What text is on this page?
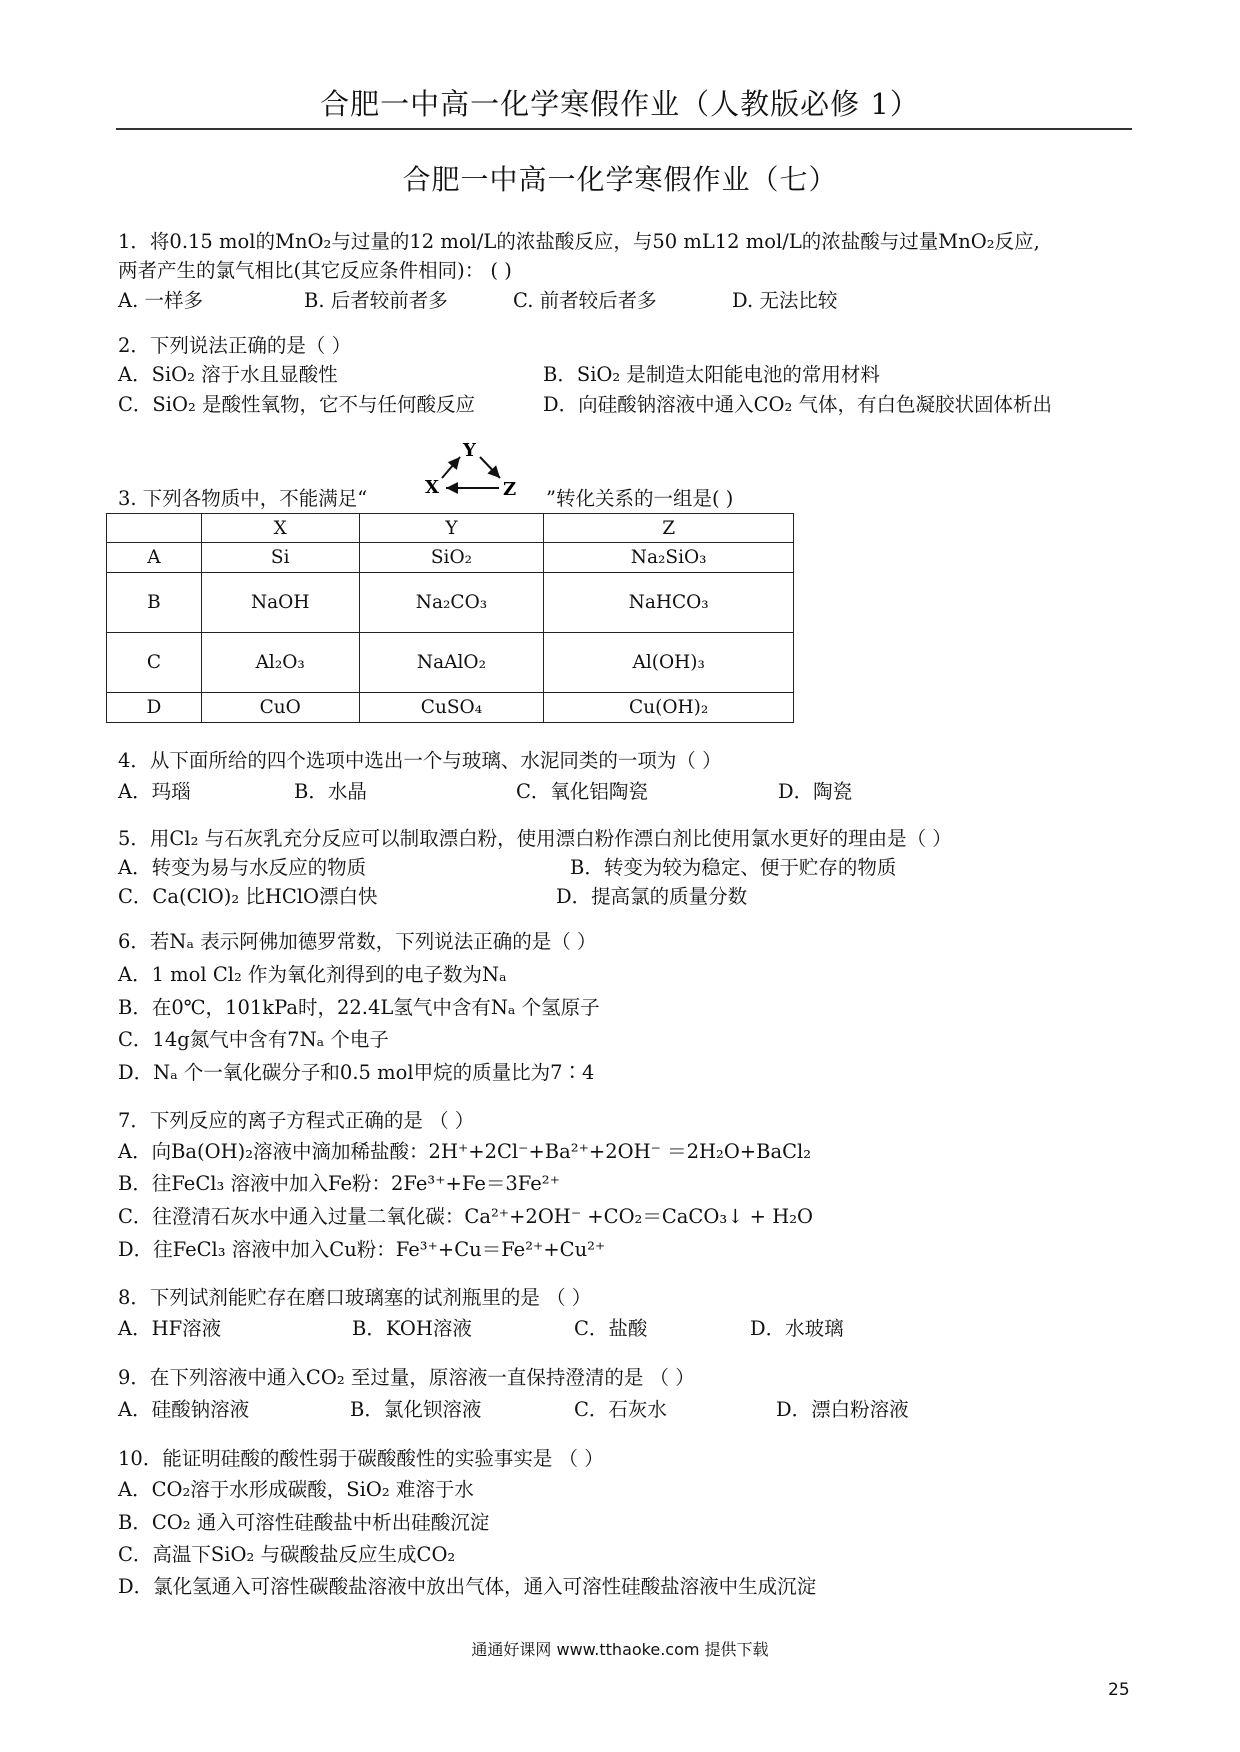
合肥一中高一化学寒假作业（人教版必修 1）
合肥一中高一化学寒假作业（七）
1．将0.15 mol的MnO₂与过量的12 mol/L的浓盐酸反应，与50 mL12 mol/L的浓盐酸与过量MnO₂反应,
两者产生的氯气相比(其它反应条件相同)： ( )
A. 一样多	B. 后者较前者多	C. 前者较后者多	D. 无法比较
2．下列说法正确的是（ ）
A．SiO₂ 溶于水且显酸性	B．SiO₂ 是制造太阳能电池的常用材料
C．SiO₂ 是酸性氧物，它不与任何酸反应	D．向硅酸钠溶液中通入CO₂ 气体，有白色凝胶状固体析出
3. 下列各物质中，不能满足“	”转化关系的一组是( )
Y
X	Z
	X	Y	Z
A	Si	SiO₂	Na₂SiO₃
B	NaOH	Na₂CO₃	NaHCO₃
C	Al₂O₃	NaAlO₂	Al(OH)₃
D	CuO	CuSO₄	Cu(OH)₂
4．从下面所给的四个选项中选出一个与玻璃、水泥同类的一项为（ ）
A．玛瑙	B．水晶	C．氧化铝陶瓷	D．陶瓷
5．用Cl₂ 与石灰乳充分反应可以制取漂白粉，使用漂白粉作漂白剂比使用氯水更好的理由是（ ）
A．转变为易与水反应的物质	B．转变为较为稳定、便于贮存的物质
C．Ca(ClO)₂ 比HClO漂白快	D．提高氯的质量分数
6．若Nₐ 表示阿佛加德罗常数，下列说法正确的是（ ）
A．1 mol Cl₂ 作为氧化剂得到的电子数为Nₐ
B．在0℃，101kPa时，22.4L氢气中含有Nₐ 个氢原子
C．14g氮气中含有7Nₐ 个电子
D．Nₐ 个一氧化碳分子和0.5 mol甲烷的质量比为7∶4
7．下列反应的离子方程式正确的是 （ ）
A．向Ba(OH)₂溶液中滴加稀盐酸：2H⁺+2Cl⁻+Ba²⁺+2OH⁻ ＝2H₂O+BaCl₂
B．往FeCl₃ 溶液中加入Fe粉：2Fe³⁺+Fe＝3Fe²⁺
C．往澄清石灰水中通入过量二氧化碳：Ca²⁺+2OH⁻ +CO₂＝CaCO₃↓ + H₂O
D．往FeCl₃ 溶液中加入Cu粉：Fe³⁺+Cu＝Fe²⁺+Cu²⁺
8．下列试剂能贮存在磨口玻璃塞的试剂瓶里的是 （ ）
A．HF溶液	B．KOH溶液	C．盐酸	D．水玻璃
9．在下列溶液中通入CO₂ 至过量，原溶液一直保持澄清的是 （ ）
A．硅酸钠溶液	B．氯化钡溶液	C．石灰水	D．漂白粉溶液
10．能证明硅酸的酸性弱于碳酸酸性的实验事实是 （ ）
A．CO₂溶于水形成碳酸，SiO₂ 难溶于水
B．CO₂ 通入可溶性硅酸盐中析出硅酸沉淀
C．高温下SiO₂ 与碳酸盐反应生成CO₂
D．氯化氢通入可溶性碳酸盐溶液中放出气体，通入可溶性硅酸盐溶液中生成沉淀
通通好课网 www.tthaoke.com 提供下载
25
